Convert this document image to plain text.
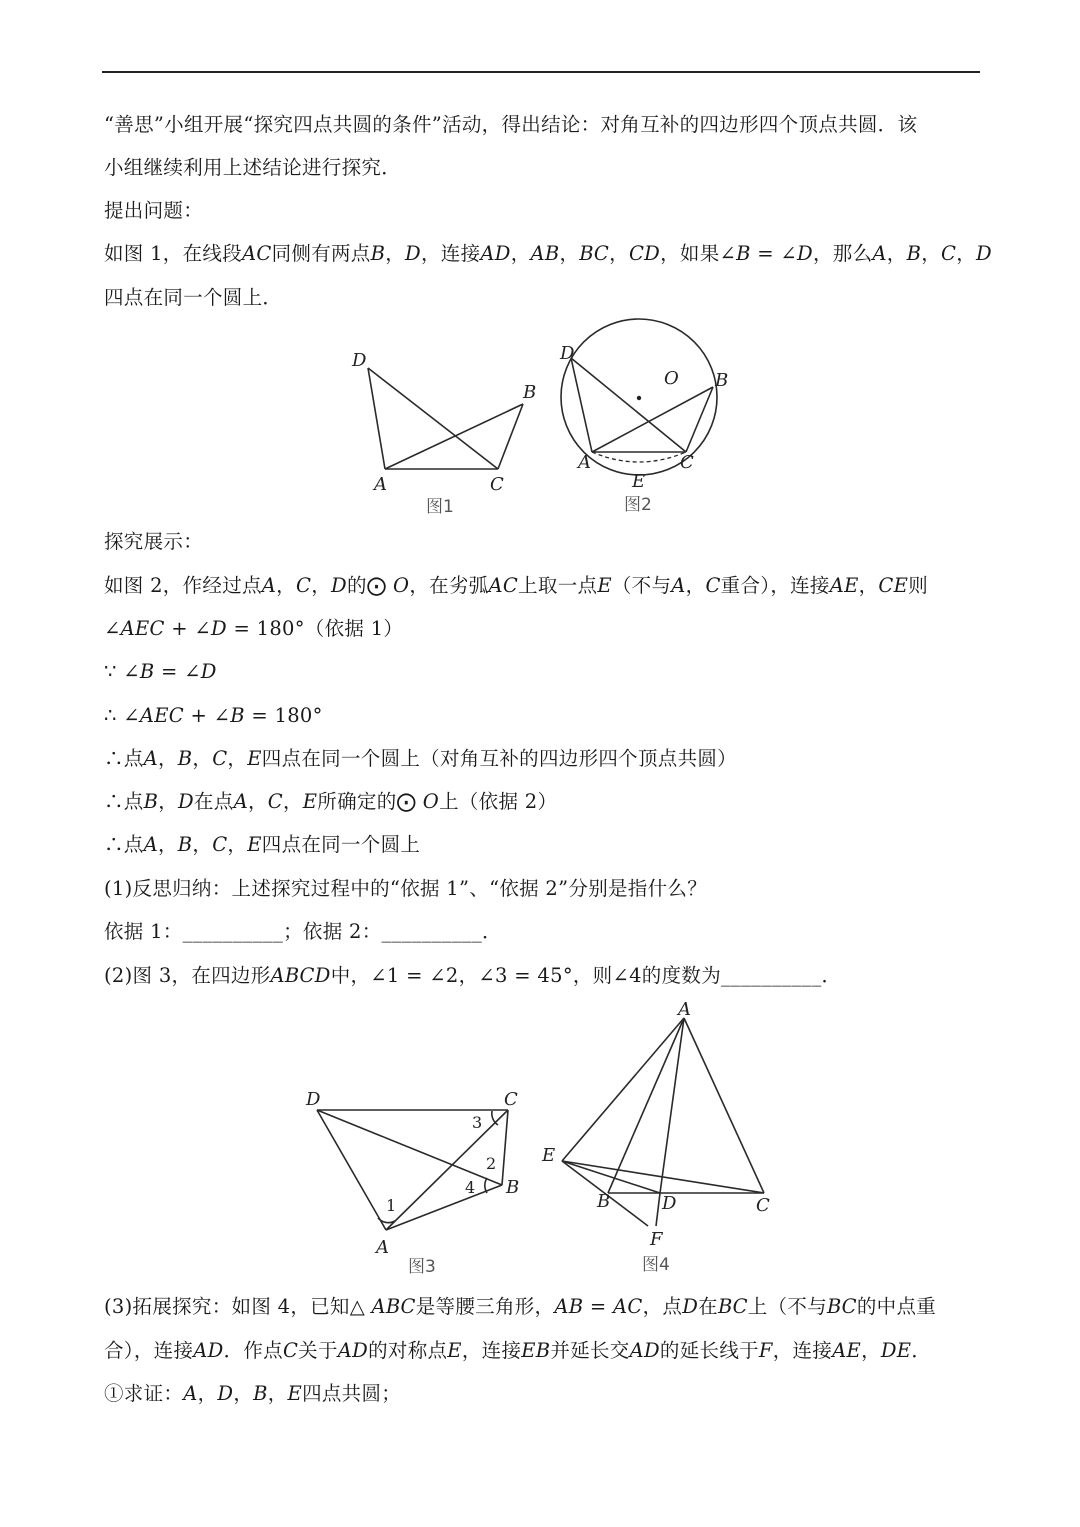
“善思”小组开展“探究四点共圆的条件”活动，得出结论：对角互补的四边形四个顶点共圆．该
小组继续利用上述结论进行探究．
提出问题：
如图 1，在线段𝐴𝐶同侧有两点𝐵，𝐷，连接𝐴𝐷，𝐴𝐵，𝐵𝐶，𝐶𝐷，如果∠𝐵 = ∠𝐷，那么𝐴，𝐵，𝐶，𝐷
四点在同一个圆上．
D
B
A	C
图1
D
O B
A	C
E
图2
探究展示：
如图 2，作经过点𝐴，𝐶，𝐷的⨀ 𝑂，在劣弧𝐴𝐶上取一点𝐸（不与𝐴，𝐶重合），连接𝐴𝐸，𝐶𝐸则
∠𝐴𝐸𝐶 + ∠𝐷 = 180°（依据 1）
∵ ∠𝐵 = ∠𝐷
∴ ∠𝐴𝐸𝐶 + ∠𝐵 = 180°
∴点𝐴，𝐵，𝐶，𝐸四点在同一个圆上（对角互补的四边形四个顶点共圆）
∴点𝐵，𝐷在点𝐴，𝐶，𝐸所确定的⨀ 𝑂上（依据 2）
∴点𝐴，𝐵，𝐶，𝐸四点在同一个圆上
(1)反思归纳：上述探究过程中的“依据 1”、“依据 2”分别是指什么？
依据 1：__________；依据 2：__________．
(2)图 3，在四边形𝐴𝐵𝐶𝐷中，∠1 = ∠2，∠3 = 45°，则∠4的度数为__________．
D	C
B
A
1
2
3
4
图3
A
E
B	D	C
F
图4
(3)拓展探究：如图 4，已知△ 𝐴𝐵𝐶是等腰三角形，𝐴𝐵 = 𝐴𝐶，点𝐷在𝐵𝐶上（不与𝐵𝐶的中点重
合），连接𝐴𝐷．作点𝐶关于𝐴𝐷的对称点𝐸，连接𝐸𝐵并延长交𝐴𝐷的延长线于𝐹，连接𝐴𝐸，𝐷𝐸．
①求证：𝐴，𝐷，𝐵，𝐸四点共圆；
